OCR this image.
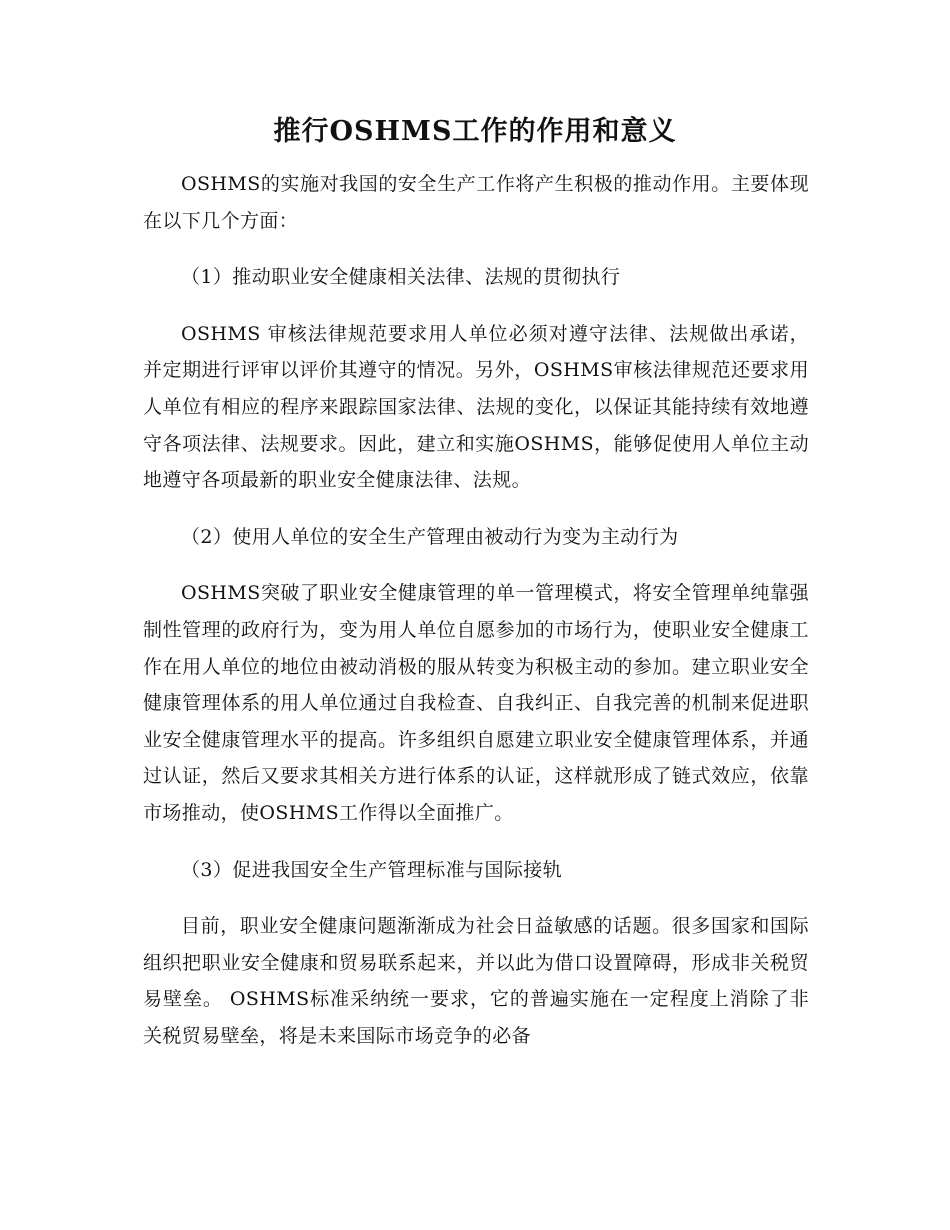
推行OSHMS工作的作用和意义

OSHMS的实施对我国的安全生产工作将产生积极的推动作用。主要体现在以下几个方面：

（1）推动职业安全健康相关法律、法规的贯彻执行

OSHMS 审核法律规范要求用人单位必须对遵守法律、法规做出承诺，并定期进行评审以评价其遵守的情况。另外，OSHMS审核法律规范还要求用人单位有相应的程序来跟踪国家法律、法规的变化，以保证其能持续有效地遵守各项法律、法规要求。因此，建立和实施OSHMS，能够促使用人单位主动地遵守各项最新的职业安全健康法律、法规。

（2）使用人单位的安全生产管理由被动行为变为主动行为

OSHMS突破了职业安全健康管理的单一管理模式，将安全管理单纯靠强制性管理的政府行为，变为用人单位自愿参加的市场行为，使职业安全健康工作在用人单位的地位由被动消极的服从转变为积极主动的参加。建立职业安全健康管理体系的用人单位通过自我检查、自我纠正、自我完善的机制来促进职业安全健康管理水平的提高。许多组织自愿建立职业安全健康管理体系，并通过认证，然后又要求其相关方进行体系的认证，这样就形成了链式效应，依靠市场推动，使OSHMS工作得以全面推广。

（3）促进我国安全生产管理标准与国际接轨

目前，职业安全健康问题渐渐成为社会日益敏感的话题。很多国家和国际组织把职业安全健康和贸易联系起来，并以此为借口设置障碍，形成非关税贸易壁垒。 OSHMS标准采纳统一要求，它的普遍实施在一定程度上消除了非关税贸易壁垒，将是未来国际市场竞争的必备
